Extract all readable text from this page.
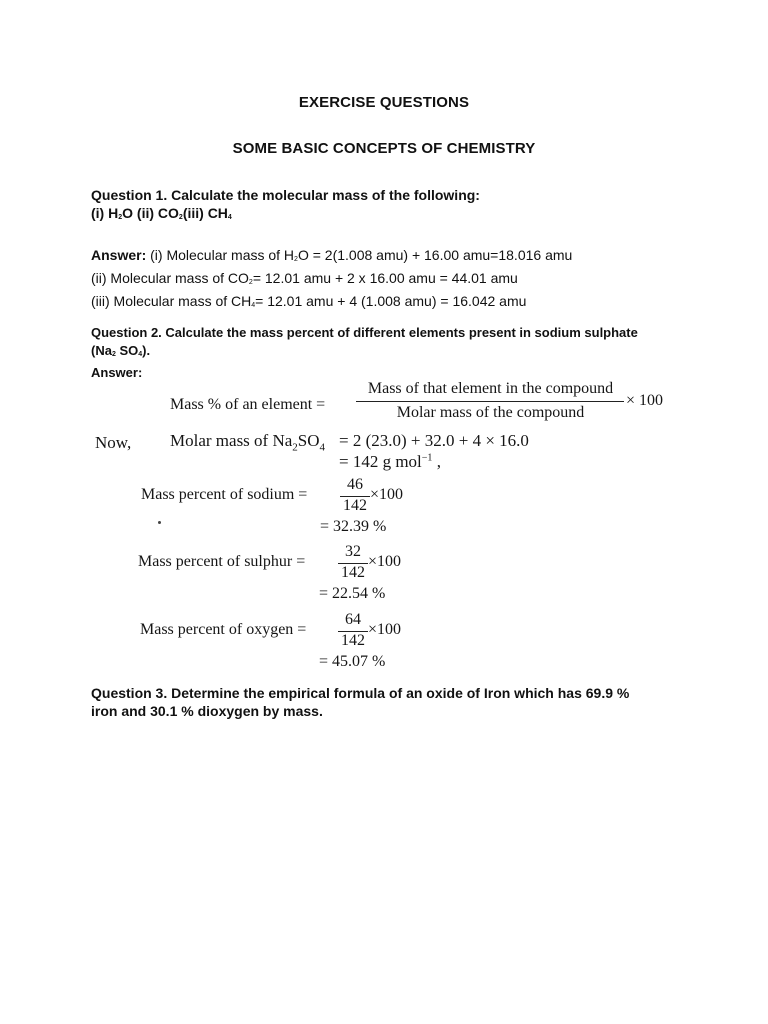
EXERCISE QUESTIONS
SOME BASIC CONCEPTS OF CHEMISTRY
Question 1. Calculate the molecular mass of the following:
(i) $H_2O$ (ii) $CO_2(iii)$ $CH_4$
Answer: (i) Molecular mass of $H_2O = 2(1.008$ amu) + 16.00 amu=18.016 amu
(ii) Molecular mass of $CO_2= 12.01$ amu + 2 x 16.00 amu = 44.01 amu
(iii) Molecular mass of $CH_4= 12.01$ amu + 4 (1.008 amu) = 16.042 amu
Question 2. Calculate the mass percent of different elements present in sodium sulphate
($Na_2$ $SO_4$).
Answer:
Mass % of an element =
Mass of that element in the compound
Molar mass of the compound
× 100
Now, Molar mass of $Na_2SO_4 = 2$ (23.0) + 32.0 + 4 × 16.0
= 142 g mol$^{-1}$ ,
Mass percent of sodium =
46
142
×100
= 32.39 %
Mass percent of sulphur =
32
142
×100
= 22.54 %
Mass percent of oxygen =
64
142
×100
= 45.07 %
Question 3. Determine the empirical formula of an oxide of Iron which has 69.9 %
iron and 30.1 % dioxygen by mass.
